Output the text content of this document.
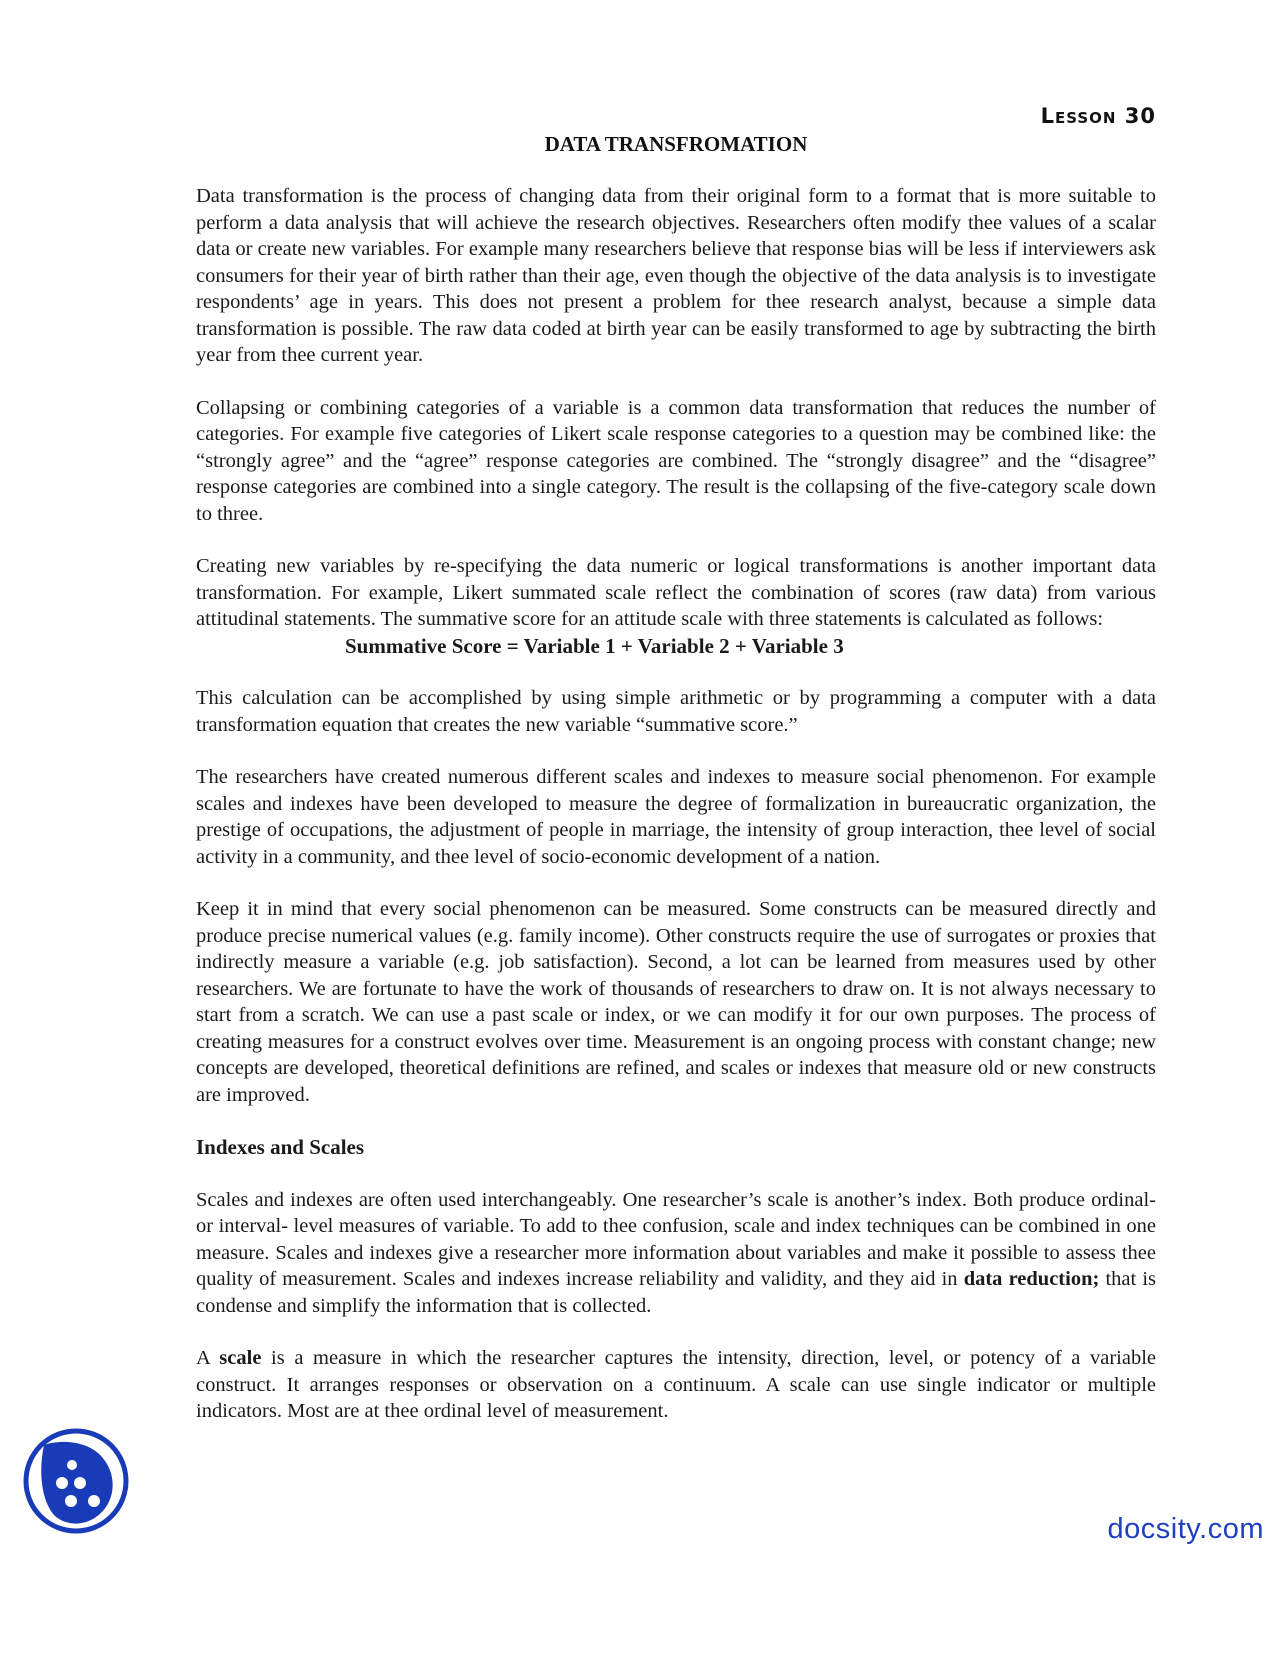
Lesson 30
DATA TRANSFROMATION

Data transformation is the process of changing data from their original form to a format that is more suitable to perform a data analysis that will achieve the research objectives. Researchers often modify thee values of a scalar data or create new variables. For example many researchers believe that response bias will be less if interviewers ask consumers for their year of birth rather than their age, even though the objective of the data analysis is to investigate respondents’ age in years. This does not present a problem for thee research analyst, because a simple data transformation is possible. The raw data coded at birth year can be easily transformed to age by subtracting the birth year from thee current year.

Collapsing or combining categories of a variable is a common data transformation that reduces the number of categories. For example five categories of Likert scale response categories to a question may be combined like: the “strongly agree” and the “agree” response categories are combined. The “strongly disagree” and the “disagree” response categories are combined into a single category. The result is the collapsing of the five-category scale down to three.

Creating new variables by re-specifying the data numeric or logical transformations is another important data transformation. For example, Likert summated scale reflect the combination of scores (raw data) from various attitudinal statements. The summative score for an attitude scale with three statements is calculated as follows:

Summative Score = Variable 1 + Variable 2 + Variable 3

This calculation can be accomplished by using simple arithmetic or by programming a computer with a data transformation equation that creates the new variable “summative score.”

The researchers have created numerous different scales and indexes to measure social phenomenon. For example scales and indexes have been developed to measure the degree of formalization in bureaucratic organization, the prestige of occupations, the adjustment of people in marriage, the intensity of group interaction, thee level of social activity in a community, and thee level of socio-economic development of a nation.

Keep it in mind that every social phenomenon can be measured. Some constructs can be measured directly and produce precise numerical values (e.g. family income). Other constructs require the use of surrogates or proxies that indirectly measure a variable (e.g. job satisfaction). Second, a lot can be learned from measures used by other researchers. We are fortunate to have the work of thousands of researchers to draw on. It is not always necessary to start from a scratch. We can use a past scale or index, or we can modify it for our own purposes. The process of creating measures for a construct evolves over time. Measurement is an ongoing process with constant change; new concepts are developed, theoretical definitions are refined, and scales or indexes that measure old or new constructs are improved.

Indexes and Scales

Scales and indexes are often used interchangeably. One researcher’s scale is another’s index. Both produce ordinal- or interval- level measures of variable. To add to thee confusion, scale and index techniques can be combined in one measure. Scales and indexes give a researcher more information about variables and make it possible to assess thee quality of measurement. Scales and indexes increase reliability and validity, and they aid in data reduction; that is condense and simplify the information that is collected.

A scale is a measure in which the researcher captures the intensity, direction, level, or potency of a variable construct. It arranges responses or observation on a continuum. A scale can use single indicator or multiple indicators. Most are at thee ordinal level of measurement.

docsity.com
